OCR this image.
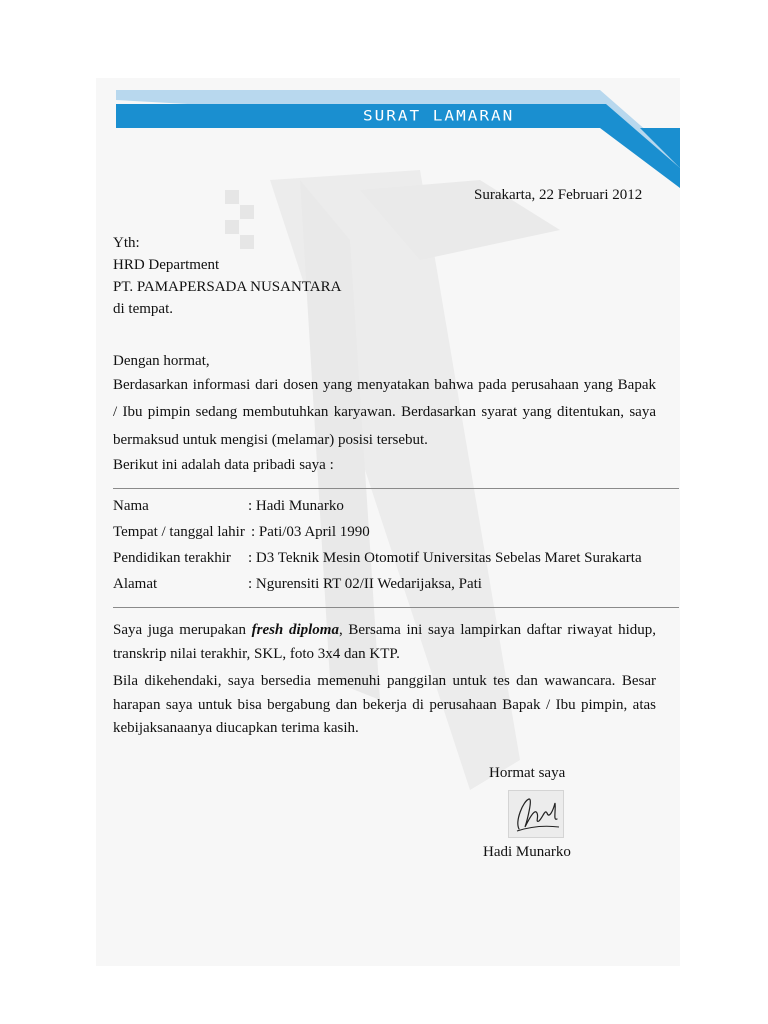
SURAT LAMARAN
Surakarta, 22 Februari 2012
Yth:
HRD Department
PT. PAMAPERSADA NUSANTARA
di tempat.
Dengan hormat,
Berdasarkan informasi dari dosen yang menyatakan bahwa pada perusahaan yang Bapak
/ Ibu pimpin sedang membutuhkan karyawan. Berdasarkan syarat yang ditentukan, saya
bermaksud untuk mengisi (melamar) posisi tersebut.
Berikut ini adalah data pribadi saya :
Nama	: Hadi Munarko
Tempat / tanggal lahir : Pati/03 April 1990
Pendidikan terakhir : D3 Teknik Mesin Otomotif Universitas Sebelas Maret Surakarta
Alamat	: Ngurensiti RT 02/II Wedarijaksa, Pati
Saya juga merupakan fresh diploma, Bersama ini saya lampirkan daftar riwayat hidup,
transkrip nilai terakhir, SKL, foto 3x4 dan KTP.
Bila dikehendaki, saya bersedia memenuhi panggilan untuk tes dan wawancara. Besar
harapan saya untuk bisa bergabung dan bekerja di perusahaan Bapak / Ibu pimpin, atas
kebijaksanaanya diucapkan terima kasih.
Hormat saya
Hadi Munarko
